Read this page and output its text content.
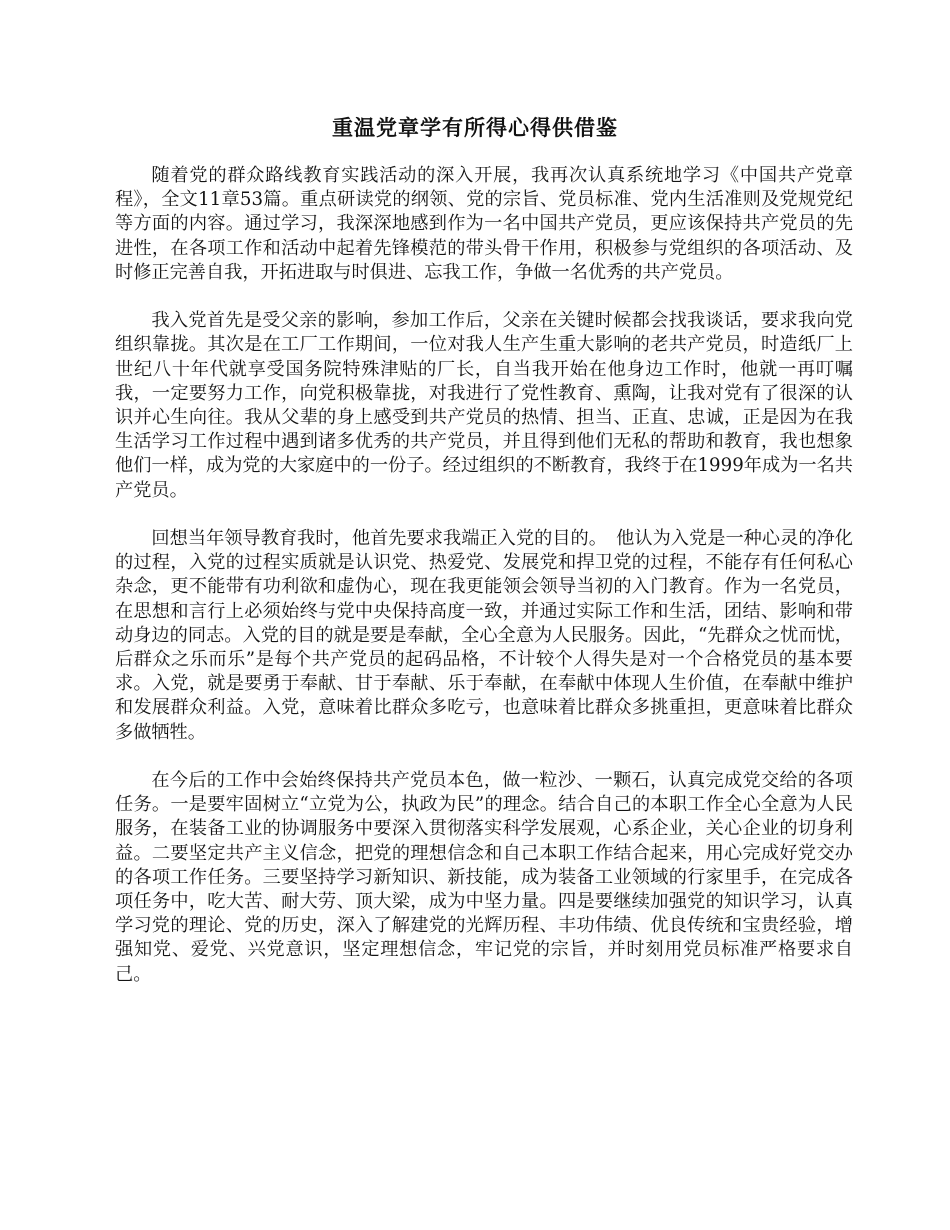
重温党章学有所得心得供借鉴

随着党的群众路线教育实践活动的深入开展，我再次认真系统地学习《中国共产党章程》，全文11章53篇。重点研读党的纲领、党的宗旨、党员标准、党内生活准则及党规党纪等方面的内容。通过学习，我深深地感到作为一名中国共产党员，更应该保持共产党员的先进性，在各项工作和活动中起着先锋模范的带头骨干作用，积极参与党组织的各项活动、及时修正完善自我，开拓进取与时俱进、忘我工作，争做一名优秀的共产党员。

我入党首先是受父亲的影响，参加工作后，父亲在关键时候都会找我谈话，要求我向党组织靠拢。其次是在工厂工作期间，一位对我人生产生重大影响的老共产党员，时造纸厂上世纪八十年代就享受国务院特殊津贴的厂长，自当我开始在他身边工作时，他就一再叮嘱我，一定要努力工作，向党积极靠拢，对我进行了党性教育、熏陶，让我对党有了很深的认识并心生向往。我从父辈的身上感受到共产党员的热情、担当、正直、忠诚，正是因为在我生活学习工作过程中遇到诸多优秀的共产党员，并且得到他们无私的帮助和教育，我也想象他们一样，成为党的大家庭中的一份子。经过组织的不断教育，我终于在1999年成为一名共产党员。

回想当年领导教育我时，他首先要求我端正入党的目的。　他认为入党是一种心灵的净化的过程，入党的过程实质就是认识党、热爱党、发展党和捍卫党的过程，不能存有任何私心杂念，更不能带有功利欲和虚伪心，现在我更能领会领导当初的入门教育。作为一名党员，在思想和言行上必须始终与党中央保持高度一致，并通过实际工作和生活，团结、影响和带动身边的同志。入党的目的就是要是奉献，全心全意为人民服务。因此，“先群众之忧而忧，后群众之乐而乐”是每个共产党员的起码品格，不计较个人得失是对一个合格党员的基本要求。入党，就是要勇于奉献、甘于奉献、乐于奉献，在奉献中体现人生价值，在奉献中维护和发展群众利益。入党，意味着比群众多吃亏，也意味着比群众多挑重担，更意味着比群众多做牺牲。

在今后的工作中会始终保持共产党员本色，做一粒沙、一颗石，认真完成党交给的各项任务。一是要牢固树立“立党为公，执政为民”的理念。结合自己的本职工作全心全意为人民服务，在装备工业的协调服务中要深入贯彻落实科学发展观，心系企业，关心企业的切身利益。二要坚定共产主义信念，把党的理想信念和自己本职工作结合起来，用心完成好党交办的各项工作任务。三要坚持学习新知识、新技能，成为装备工业领域的行家里手，在完成各项任务中，吃大苦、耐大劳、顶大梁，成为中坚力量。四是要继续加强党的知识学习，认真学习党的理论、党的历史，深入了解建党的光辉历程、丰功伟绩、优良传统和宝贵经验，增强知党、爱党、兴党意识，坚定理想信念，牢记党的宗旨，并时刻用党员标准严格要求自己。
